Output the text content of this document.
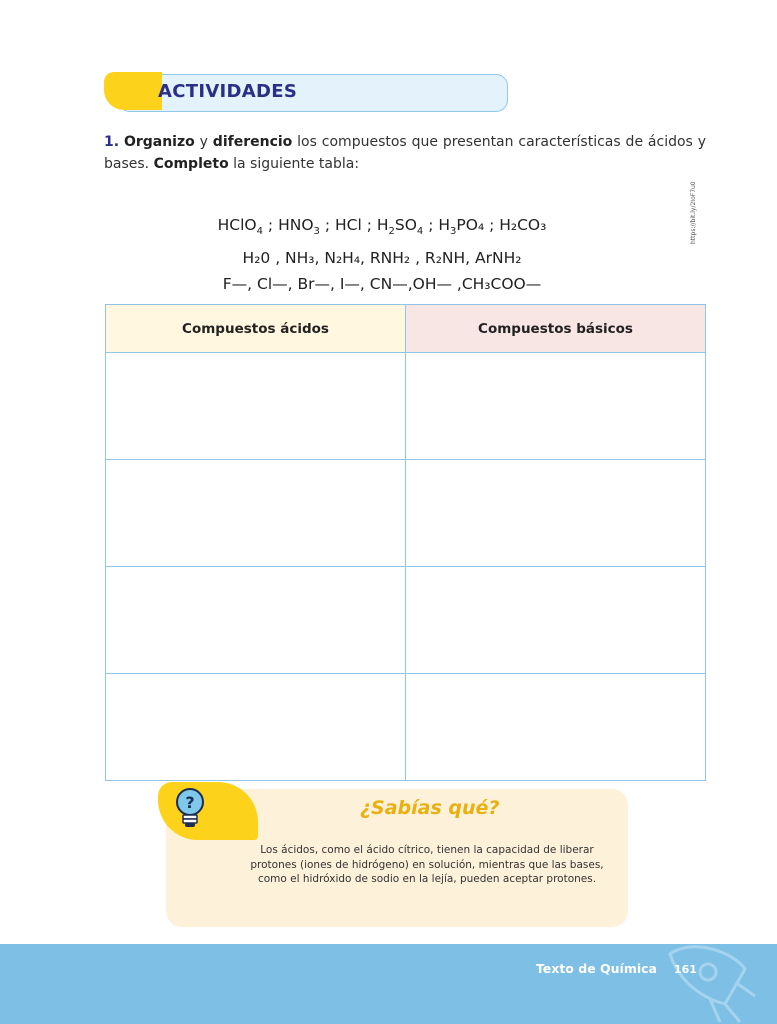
ACTIVIDADES
1. Organizo y diferencio los compuestos que presentan características de ácidos y bases. Completo la siguiente tabla:
HClO$_4$ ; $HNO_3$ ; HCl ; $H_2SO_4$ ; $H_3PO_4$ ; H₂CO₃
H₂0 , NH₃, N₂H₄, RNH₂ , R₂NH, ArNH₂
F—, Cl—, Br—, I—, CN—,OH— ,CH₃COO—
https://bit.ly/2IoF7u0
Compuestos ácidos	Compuestos básicos

?	¿Sabías qué?
Los ácidos, como el ácido cítrico, tienen la capacidad de liberar protones (iones de hidrógeno) en solución, mientras que las bases, como el hidróxido de sodio en la lejía, pueden aceptar protones.
Texto de Química 161
